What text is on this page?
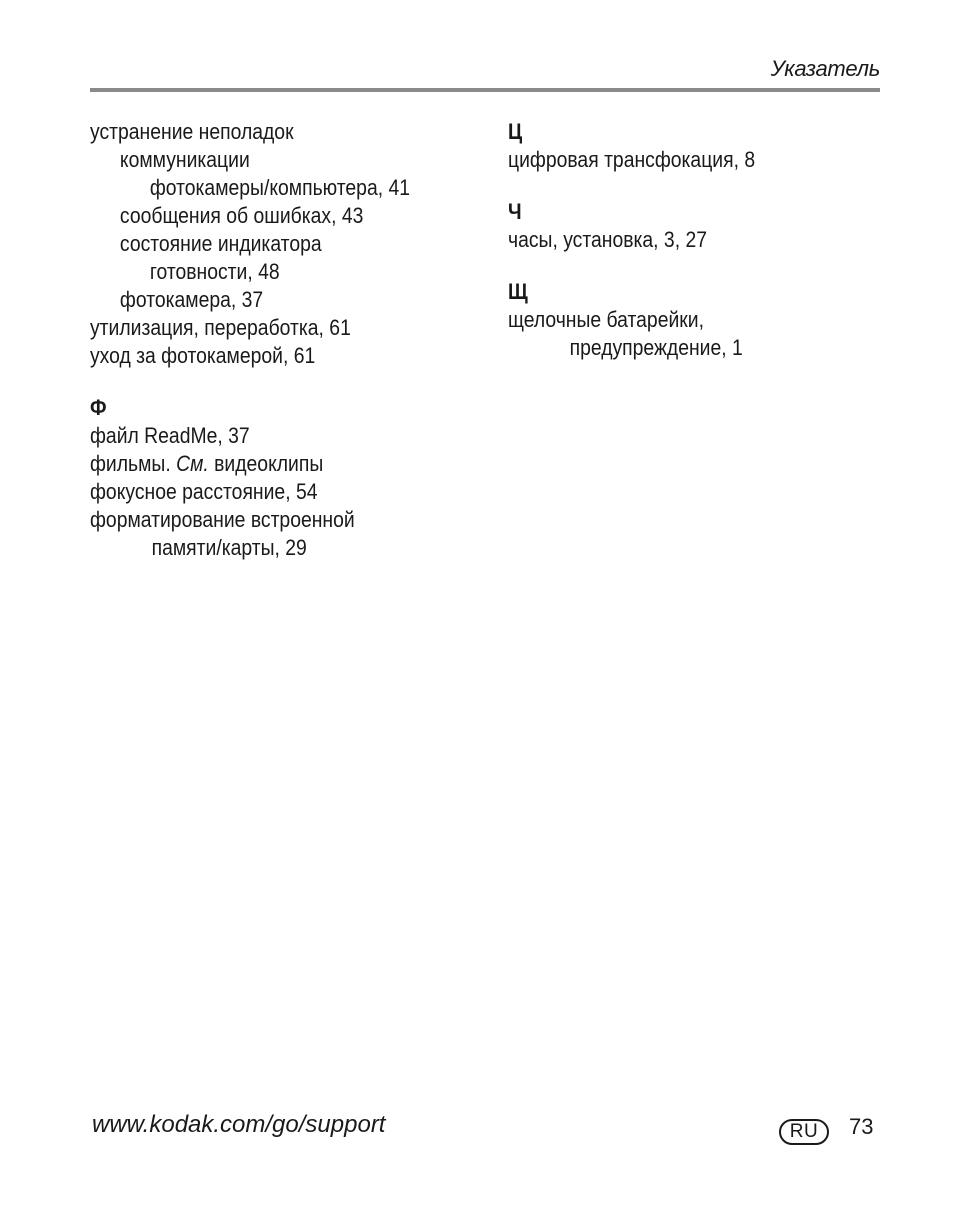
Указатель
устранение неполадок
коммуникации
фотокамеры/компьютера, 41
сообщения об ошибках, 43
состояние индикатора
готовности, 48
фотокамера, 37
утилизация, переработка, 61
уход за фотокамерой, 61
Ф
файл ReadMe, 37
фильмы. См. видеоклипы
фокусное расстояние, 54
форматирование встроенной
памяти/карты, 29
Ц
цифровая трансфокация, 8
Ч
часы, установка, 3, 27
Щ
щелочные батарейки,
предупреждение, 1
www.kodak.com/go/support	RU	73
